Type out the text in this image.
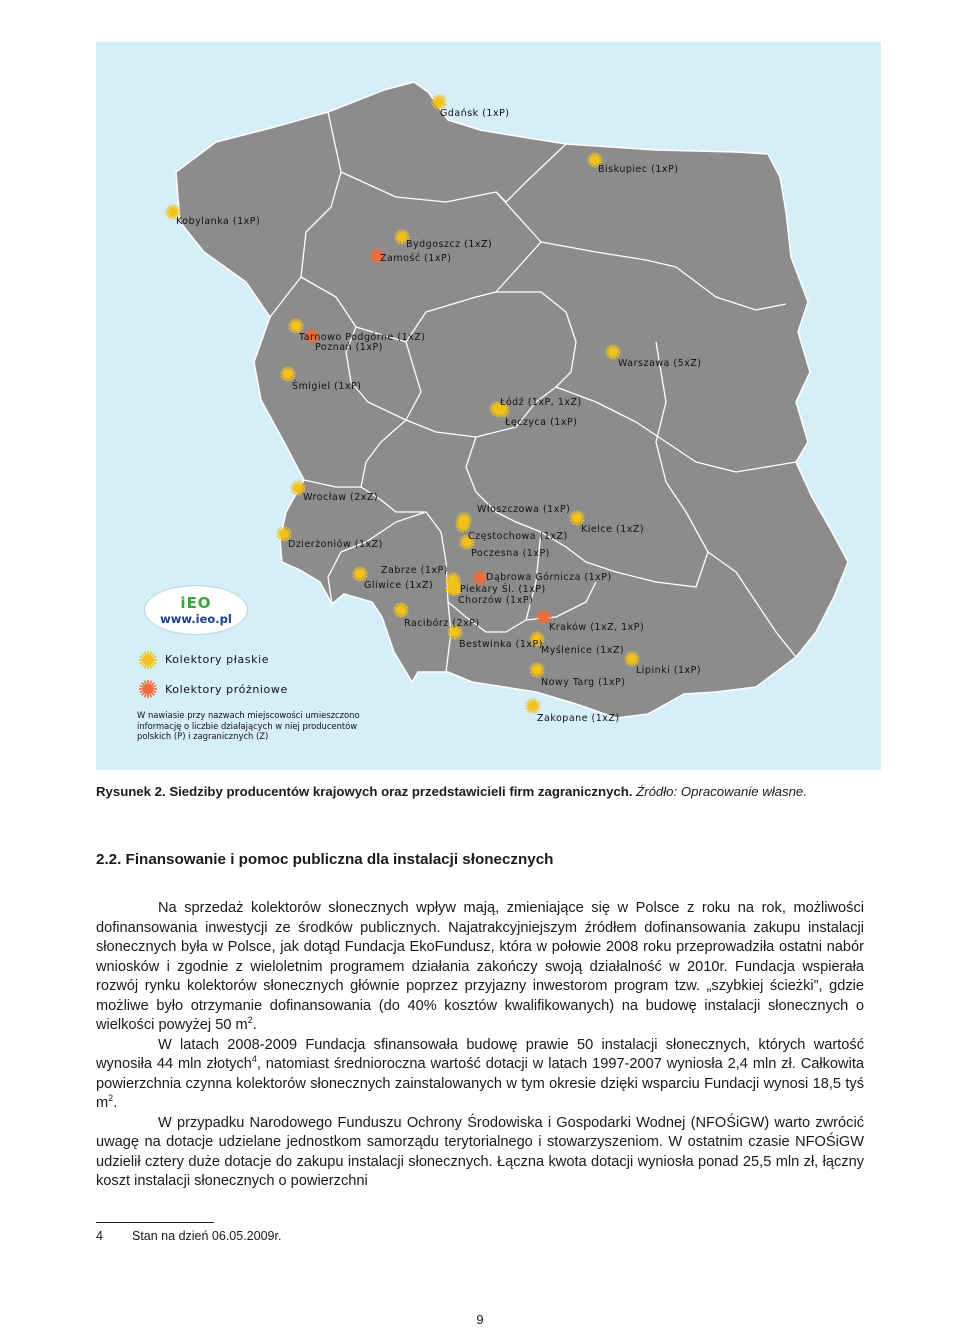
Gdańsk (1xP)
Biskupiec (1xP)
Kobylanka (1xP)
Bydgoszcz (1xZ)
Zamość (1xP)
Tarnowo Podgórne (1xZ)
Poznań (1xP)
Warszawa (5xZ)
Śmigiel (1xP)
Łódź (1xP, 1xZ)
Łęczyca (1xP)
Wrocław (2xZ)
Włoszczowa (1xP)
Kielce (1xZ)
Częstochowa (1xZ)
Poczesna (1xP)
Dzierżoniów (1xZ)
Zabrze (1xP)
Dąbrowa Górnicza (1xP)
Gliwice (1xZ)	Piekary Śl. (1xP)
Chorzów (1xP)
Racibórz (2xP)	Kraków (1xZ, 1xP)
Bestwinka (1xP)
Myślenice (1xZ)
Lipinki (1xP)
Nowy Targ (1xP)
Zakopane (1xZ)
iEO
www.ieo.pl
Kolektory płaskie
Kolektory próżniowe
W nawiasie przy nazwach miejscowości umieszczono informację o liczbie działających w niej producentów polskich (P) i zagranicznych (Z)
Rysunek 2. Siedziby producentów krajowych oraz przedstawicieli firm zagranicznych. Źródło: Opracowanie własne.
2.2. Finansowanie i pomoc publiczna dla instalacji słonecznych

Na sprzedaż kolektorów słonecznych wpływ mają, zmieniające się w Polsce z roku na rok, możliwości dofinansowania inwestycji ze środków publicznych. Najatrakcyjniejszym źródłem dofinansowania zakupu instalacji słonecznych była w Polsce, jak dotąd Fundacja EkoFundusz, która w połowie 2008 roku przeprowadziła ostatni nabór wniosków i zgodnie z wieloletnim programem działania zakończy swoją działalność w 2010r. Fundacja wspierała rozwój rynku kolektorów słonecznych głównie poprzez przyjazny inwestorom program tzw. „szybkiej ścieżki”, gdzie możliwe było otrzymanie dofinansowania (do 40% kosztów kwalifikowanych) na budowę instalacji słonecznych o wielkości powyżej 50 $m^2$.

W latach 2008-2009 Fundacja sfinansowała budowę prawie 50 instalacji słonecznych, których wartość wynosiła 44 mln złotych$^4$, natomiast średnioroczna wartość dotacji w latach 1997-2007 wyniosła 2,4 mln zł. Całkowita powierzchnia czynna kolektorów słonecznych zainstalowanych w tym okresie dzięki wsparciu Fundacji wynosi 18,5 tyś $m^2$.

W przypadku Narodowego Funduszu Ochrony Środowiska i Gospodarki Wodnej (NFOŚiGW) warto zwrócić uwagę na dotacje udzielane jednostkom samorządu terytorialnego i stowarzyszeniom. W ostatnim czasie NFOŚiGW udzielił cztery duże dotacje do zakupu instalacji słonecznych. Łączna kwota dotacji wyniosła ponad 25,5 mln zł, łączny koszt instalacji słonecznych o powierzchni

4 Stan na dzień 06.05.2009r.
9
